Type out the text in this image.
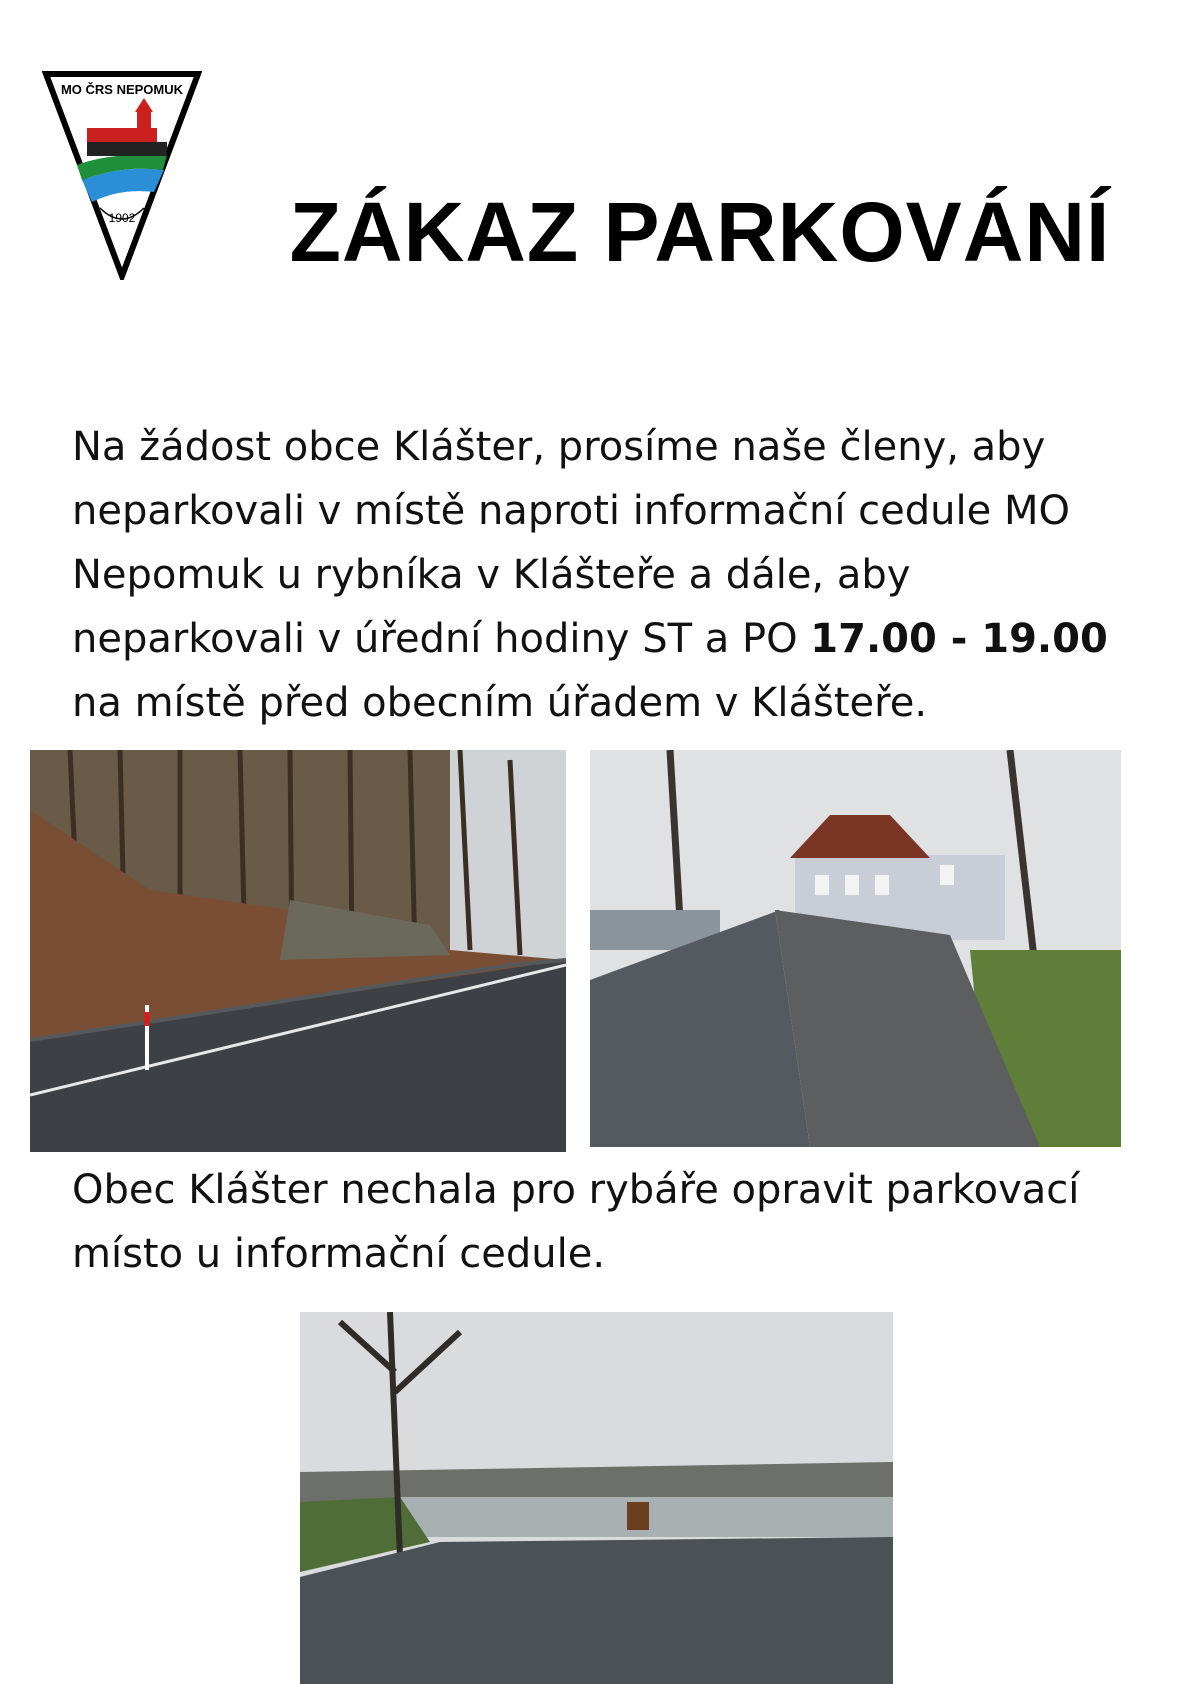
MO ČRS NEPOMUK
1902	ZÁKAZ PARKOVÁNÍ
Na žádost obce Klášter, prosíme naše členy, aby neparkovali v místě naproti informační cedule MO Nepomuk u rybníka v Klášteře a dále, aby neparkovali v úřední hodiny ST a PO 17.00 - 19.00 na místě před obecním úřadem v Klášteře.
Obec Klášter nechala pro rybáře opravit parkovací místo u informační cedule.
